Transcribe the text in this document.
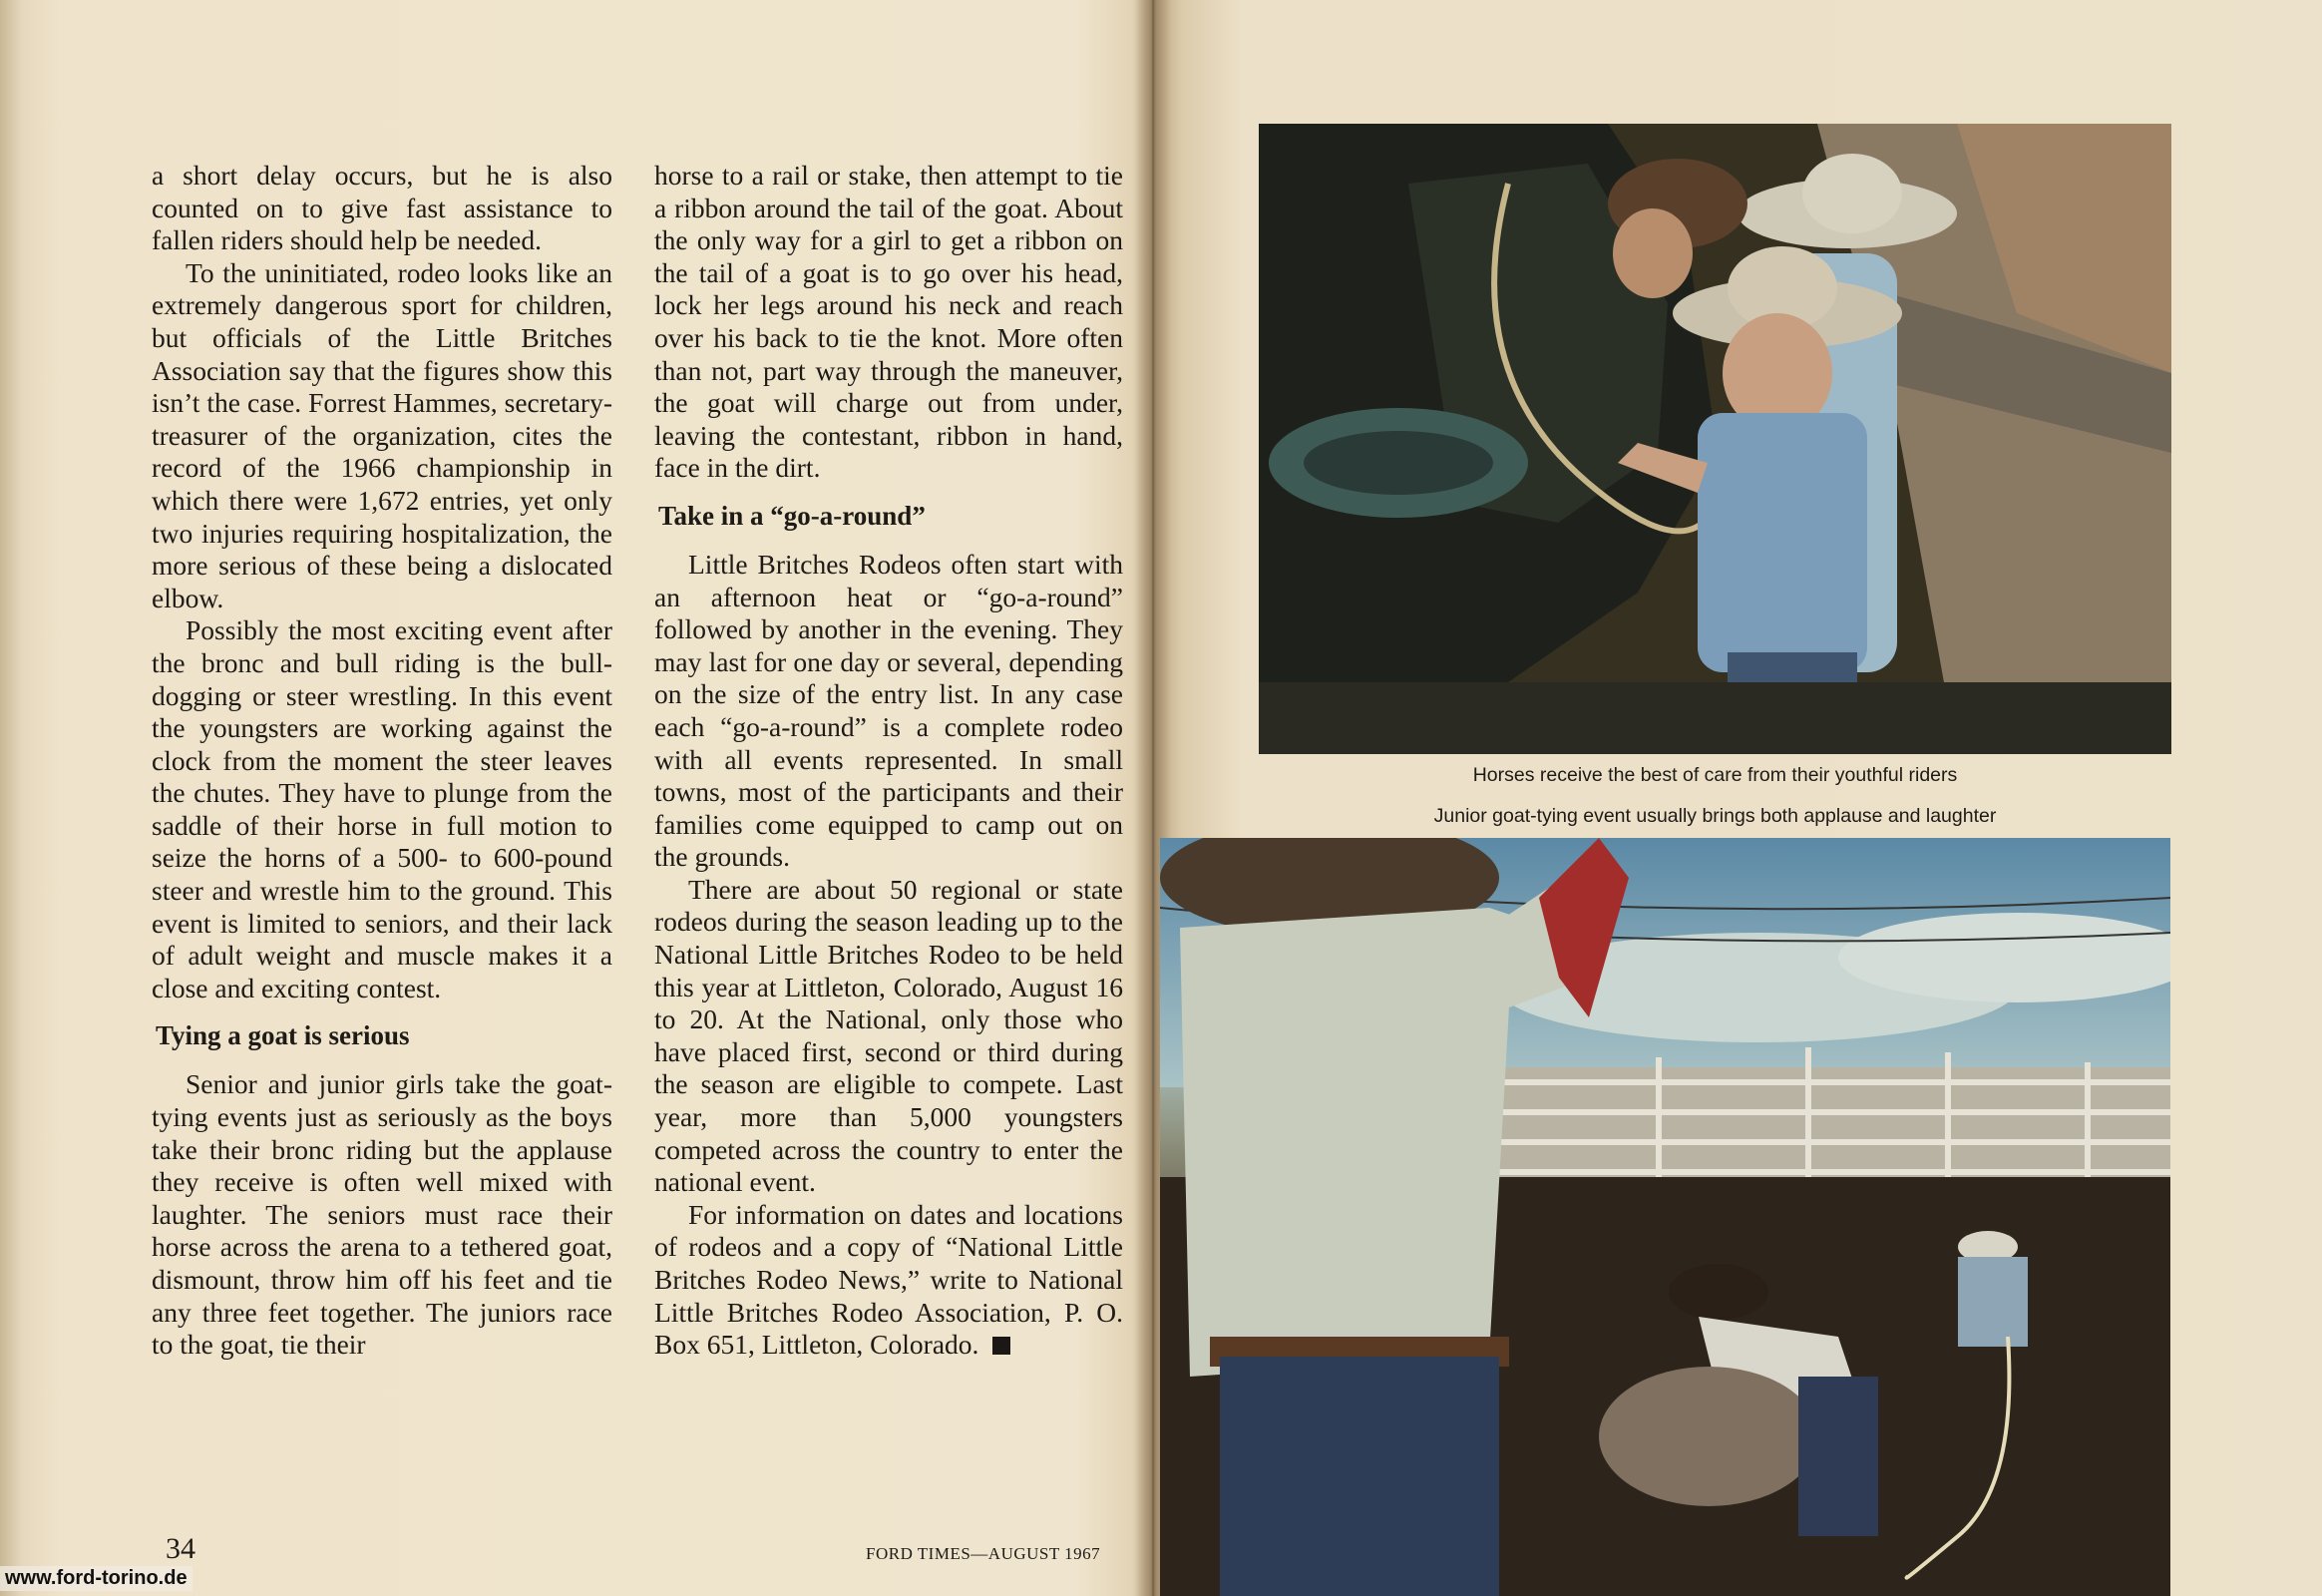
a short delay occurs, but he is also counted on to give fast assistance to fallen riders should help be needed.

To the uninitiated, rodeo looks like an extremely dangerous sport for children, but officials of the Little Britches Association say that the figures show this isn’t the case. Forrest Hammes, secretary-treasurer of the organization, cites the record of the 1966 championship in which there were 1,672 entries, yet only two injuries requiring hospitalization, the more serious of these being a dislocated elbow.

Possibly the most exciting event after the bronc and bull riding is the bull-dogging or steer wrestling. In this event the youngsters are working against the clock from the moment the steer leaves the chutes. They have to plunge from the saddle of their horse in full motion to seize the horns of a 500- to 600-pound steer and wrestle him to the ground. This event is limited to seniors, and their lack of adult weight and muscle makes it a close and exciting contest.

Tying a goat is serious

Senior and junior girls take the goat-tying events just as seriously as the boys take their bronc riding but the applause they receive is often well mixed with laughter. The seniors must race their horse across the arena to a tethered goat, dismount, throw him off his feet and tie any three feet together. The juniors race to the goat, tie their

horse to a rail or stake, then attempt to tie a ribbon around the tail of the goat. About the only way for a girl to get a ribbon on the tail of a goat is to go over his head, lock her legs around his neck and reach over his back to tie the knot. More often than not, part way through the maneuver, the goat will charge out from under, leaving the contestant, ribbon in hand, face in the dirt.

Take in a “go-a-round”

Little Britches Rodeos often start with an afternoon heat or “go-a-round” followed by another in the evening. They may last for one day or several, depending on the size of the entry list. In any case each “go-a-round” is a complete rodeo with all events represented. In small towns, most of the participants and their families come equipped to camp out on the grounds.

There are about 50 regional or state rodeos during the season leading up to the National Little Britches Rodeo to be held this year at Littleton, Colorado, August 16 to 20. At the National, only those who have placed first, second or third during the season are eligible to compete. Last year, more than 5,000 youngsters competed across the country to enter the national event.

For information on dates and locations of rodeos and a copy of “National Little Britches Rodeo News,” write to National Little Britches Rodeo Association, P. O. Box 651, Littleton, Colorado.

34	FORD TIMES—AUGUST 1967
www.ford-torino.de
Horses receive the best of care from their youthful riders
Junior goat-tying event usually brings both applause and laughter
